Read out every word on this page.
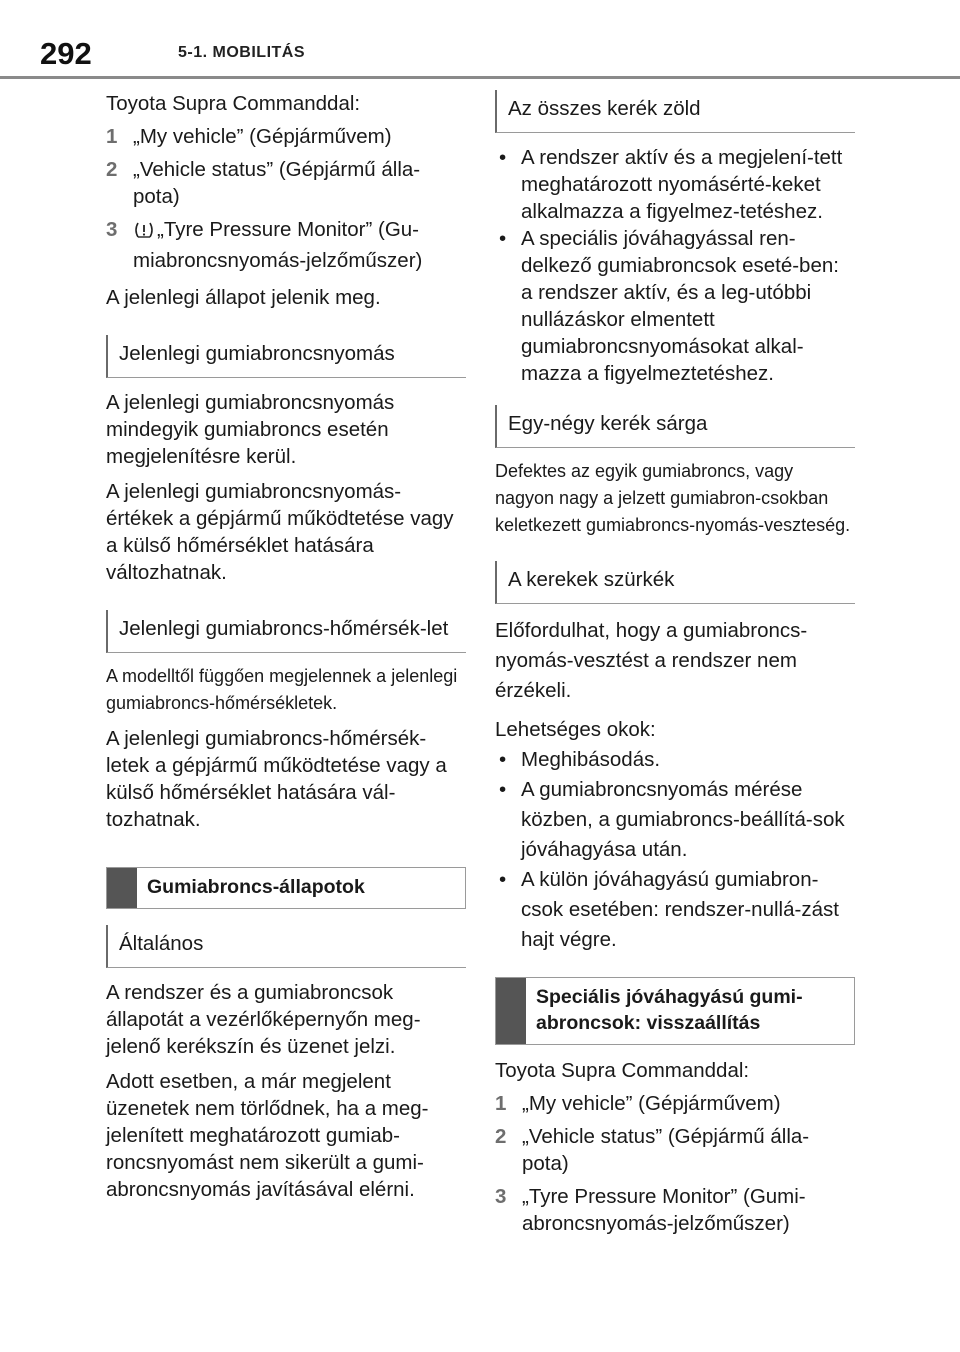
292	5-1. MOBILITÁS

Toyota Supra Commanddal:

1 „My vehicle” (Gépjárművem)
2 „Vehicle status” (Gépjármű álla-pota)
3 „Tyre Pressure Monitor” (Gu-miabroncsnyomás-jelzőműszer)

A jelenlegi állapot jelenik meg.

Jelenlegi gumiabroncsnyomás

A jelenlegi gumiabroncsnyomás mindegyik gumiabroncs esetén megjelenítésre kerül.

A jelenlegi gumiabroncsnyomás-értékek a gépjármű működtetése vagy a külső hőmérséklet hatására változhatnak.

Jelenlegi gumiabroncs-hőmérsék-let

A modelltől függően megjelennek a jelenlegi gumiabroncs-hőmérsékletek.

A jelenlegi gumiabroncs-hőmérsék-letek a gépjármű működtetése vagy a külső hőmérséklet hatására vál-tozhatnak.

Gumiabroncs-állapotok
Általános

A rendszer és a gumiabroncsok állapotát a vezérlőképernyőn meg-jelenő kerékszín és üzenet jelzi.

Adott esetben, a már megjelent üzenetek nem törlődnek, ha a meg-jelenített meghatározott gumiab-roncsnyomást nem sikerült a gumi-abroncsnyomás javításával elérni.

Az összes kerék zöld
• A rendszer aktív és a megjelení-tett meghatározott nyomásérté-keket alkalmazza a figyelmez-tetéshez.
• A speciális jóváhagyással ren-delkező gumiabroncsok eseté-ben: a rendszer aktív, és a leg-utóbbi nullázáskor elmentett gumiabroncsnyomásokat alkal-mazza a figyelmeztetéshez.
Egy-négy kerék sárga

Defektes az egyik gumiabroncs, vagy nagyon nagy a jelzett gumiabron-csokban keletkezett gumiabroncs-nyomás-veszteség.

A kerekek szürkék

Előfordulhat, hogy a gumiabroncs-nyomás-vesztést a rendszer nem érzékeli.

Lehetséges okok:

• Meghibásodás.
• A gumiabroncsnyomás mérése közben, a gumiabroncs-beállítá-sok jóváhagyása után.
• A külön jóváhagyású gumiabron-csok esetében: rendszer-nullá-zást hajt végre.
Speciális jóváhagyású gumi-abroncsok: visszaállítás

Toyota Supra Commanddal:

1 „My vehicle” (Gépjárművem)
2 „Vehicle status” (Gépjármű álla-pota)
3 „Tyre Pressure Monitor” (Gumi-abroncsnyomás-jelzőműszer)
